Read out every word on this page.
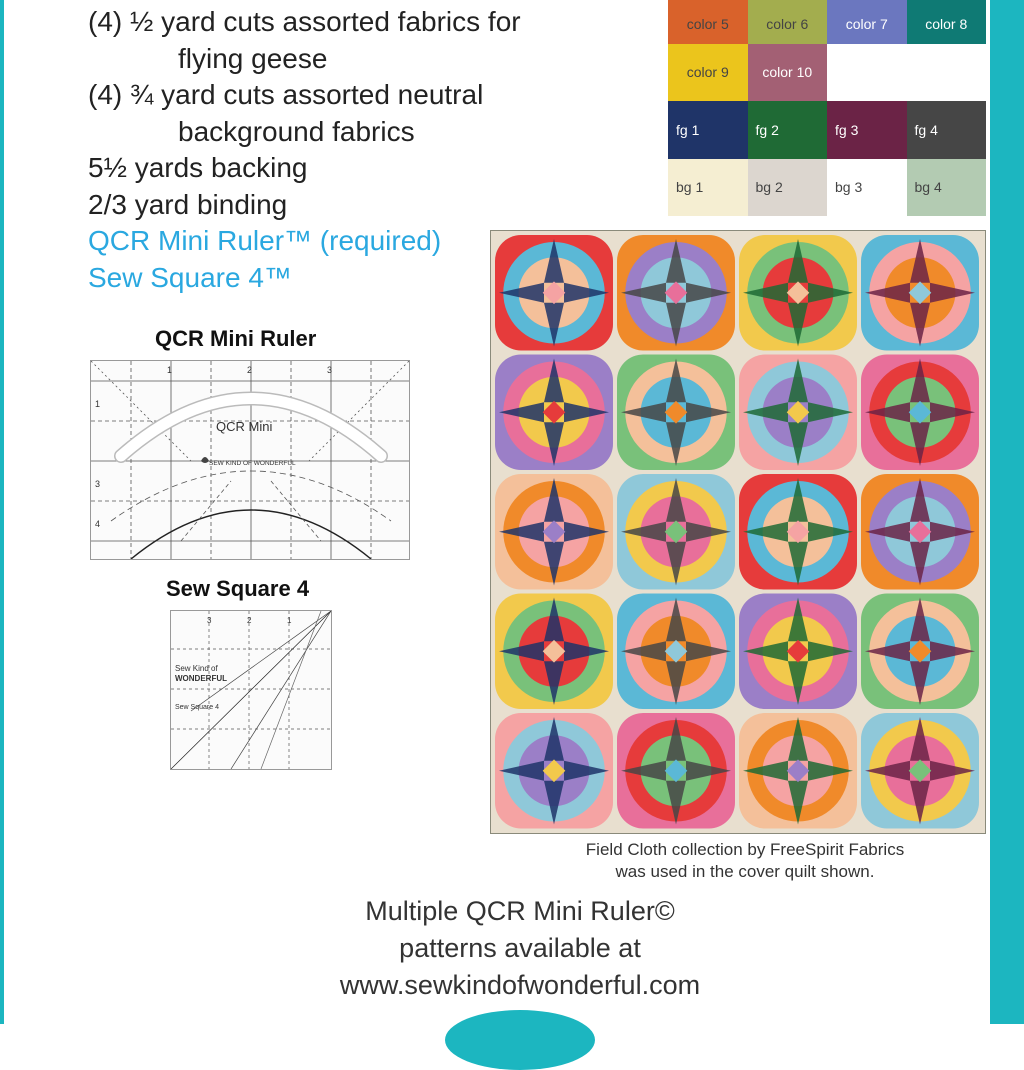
(4) ½ yard cuts assorted fabrics for
flying geese
(4) ¾ yard cuts assorted neutral
background fabrics
5½ yards backing
2/3 yard binding
QCR Mini Ruler™ (required)
Sew Square 4™
color 5	color 6	color 7	color 8
color 9	color 10
fg 1	fg 2	fg 3	fg 4
bg 1	bg 2	bg 3	bg 4
QCR Mini Ruler
1	2	3
1
3
4
QCR Mini
SEW KIND OF WONDERFUL
Sew Square 4
Sew Kind of
WONDERFUL
Sew Square 4
3	2	1
Field Cloth collection by FreeSpirit Fabrics
was used in the cover quilt shown.
Multiple QCR Mini Ruler©
patterns available at
www.sewkindofwonderful.com
